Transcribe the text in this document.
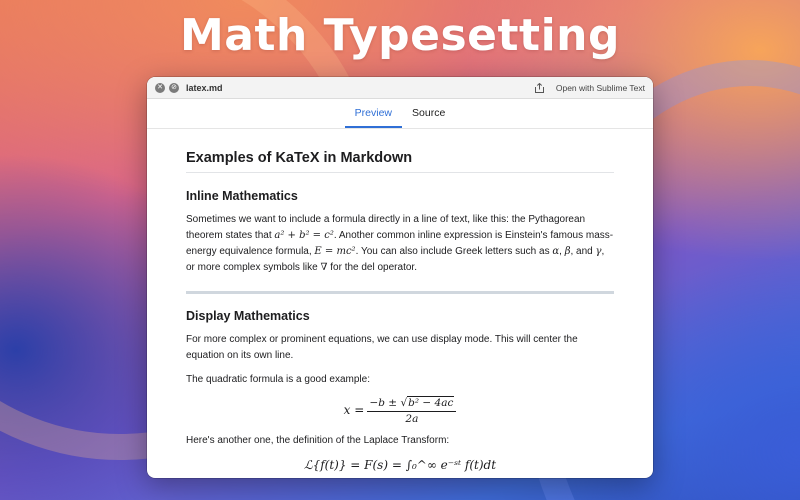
Math Typesetting
✕ ⊘ latex.md	Open with Sublime Text
Preview	Source
Examples of KaTeX in Markdown
Inline Mathematics

Sometimes we want to include a formula directly in a line of text, like this: the Pythagorean theorem states that a² + b² = c². Another common inline expression is Einstein's famous mass-energy equivalence formula, E = mc². You can also include Greek letters such as α, β, and γ, or more complex symbols like ∇ for the del operator.

Display Mathematics

For more complex or prominent equations, we can use display mode. This will center the equation on its own line.

The quadratic formula is a good example:

$x = \frac{\text{−b ± √b² − 4ac}}{2a}$

Here's another one, the definition of the Laplace Transform:

ℒ{f(t)} = F(s) = ∫₀^∞ e⁻ˢᵗ f(t)dt
